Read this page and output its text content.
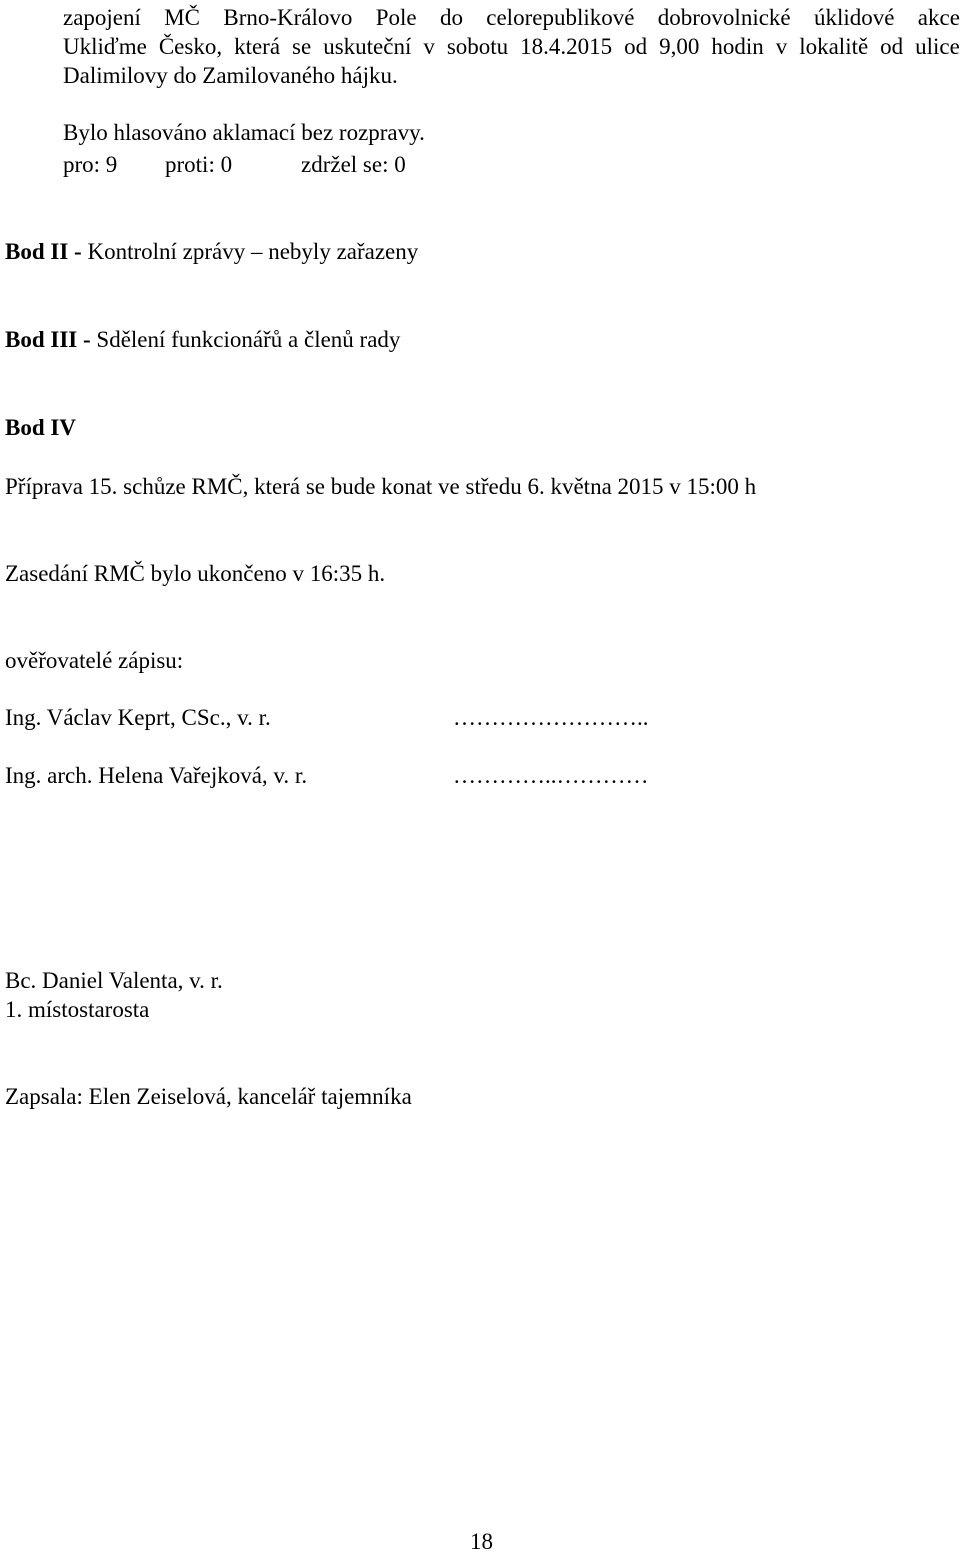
zapojení MČ Brno-Královo Pole do celorepublikové dobrovolnické úklidové akce
Ukliďme Česko, která se uskuteční v sobotu 18.4.2015 od 9,00 hodin v lokalitě od ulice
Dalimilovy do Zamilovaného hájku.
Bylo hlasováno aklamací bez rozpravy.
pro: 9 proti: 0	zdržel se: 0
Bod II - Kontrolní zprávy – nebyly zařazeny
Bod III - Sdělení funkcionářů a členů rady
Bod IV
Příprava 15. schůze RMČ, která se bude konat ve středu 6. května 2015 v 15:00 h
Zasedání RMČ bylo ukončeno v 16:35 h.
ověřovatelé zápisu:
Ing. Václav Keprt, CSc., v. r.	……………………..
Ing. arch. Helena Vařejková, v. r.	…………..…………
Bc. Daniel Valenta, v. r.
1. místostarosta
Zapsala: Elen Zeiselová, kancelář tajemníka
18
